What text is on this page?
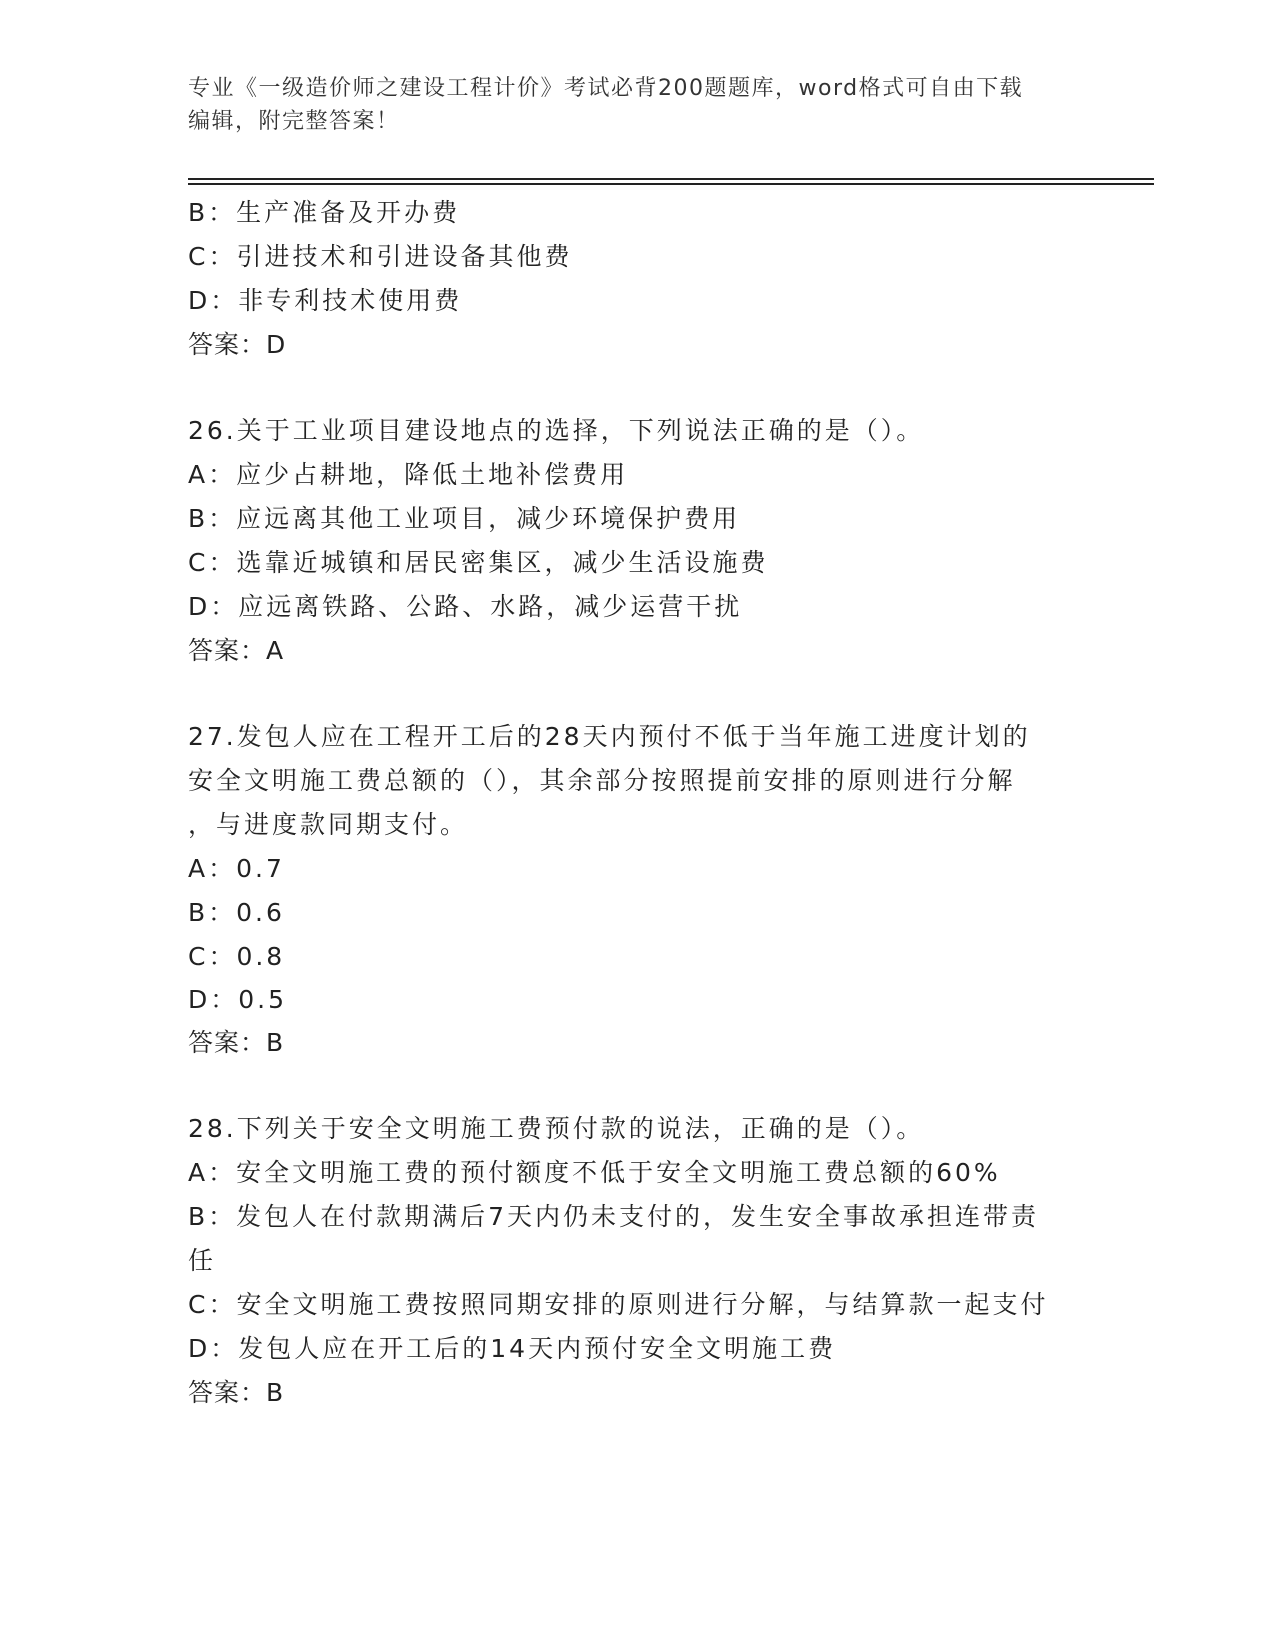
专业《一级造价师之建设工程计价》考试必背200题题库，word格式可自由下载
编辑，附完整答案！
B：生产准备及开办费
C：引进技术和引进设备其他费
D：非专利技术使用费
答案：D
26.关于工业项目建设地点的选择，下列说法正确的是（）。
A：应少占耕地，降低土地补偿费用
B：应远离其他工业项目，减少环境保护费用
C：选靠近城镇和居民密集区，减少生活设施费
D：应远离铁路、公路、水路，减少运营干扰
答案：A
27.发包人应在工程开工后的28天内预付不低于当年施工进度计划的
安全文明施工费总额的（），其余部分按照提前安排的原则进行分解
，与进度款同期支付。
A：0.7
B：0.6
C：0.8
D：0.5
答案：B
28.下列关于安全文明施工费预付款的说法，正确的是（）。
A：安全文明施工费的预付额度不低于安全文明施工费总额的60%
B：发包人在付款期满后7天内仍未支付的，发生安全事故承担连带责
任
C：安全文明施工费按照同期安排的原则进行分解，与结算款一起支付
D：发包人应在开工后的14天内预付安全文明施工费
答案：B
